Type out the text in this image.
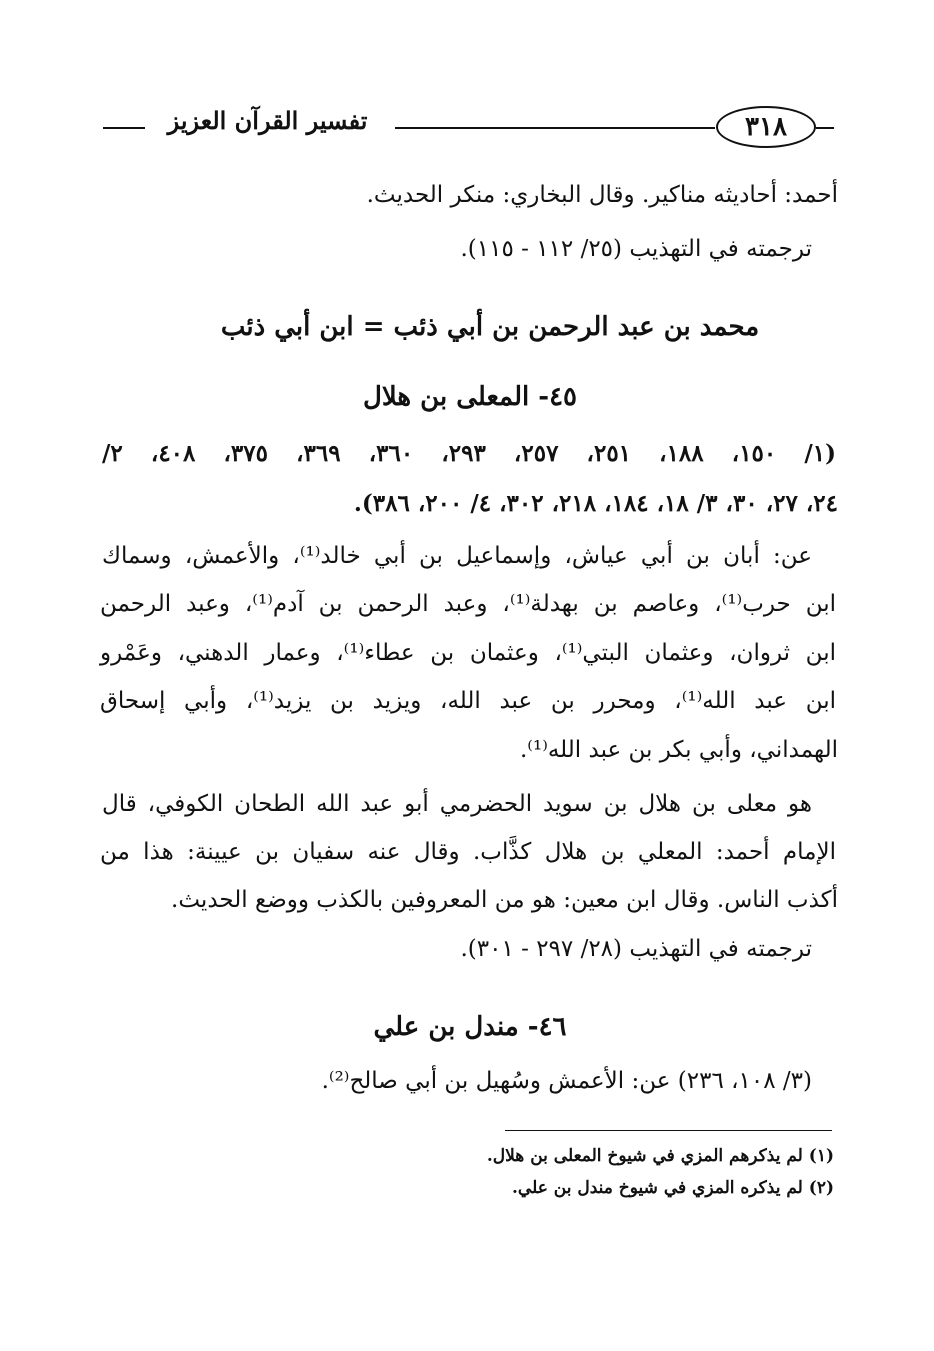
تفسير القرآن العزيز	٣١٨
أحمد: أحاديثه مناكير. وقال البخاري: منكر الحديث.
ترجمته في التهذيب (٢٥/ ١١٢ - ١١٥).
محمد بن عبد الرحمن بن أبي ذئب = ابن أبي ذئب
٤٥- المعلى بن هلال
(١/ ١٥٠، ١٨٨، ٢٥١، ٢٥٧، ٢٩٣، ٣٦٠، ٣٦٩، ٣٧٥، ٤٠٨، ٢/
٢٤، ٢٧، ٣٠، ٣/ ١٨، ١٨٤، ٢١٨، ٣٠٢، ٤/ ٢٠٠، ٣٨٦).
عن: أبان بن أبي عياش، وإسماعيل بن أبي خالد⁽¹⁾، والأعمش، وسماك
ابن حرب⁽¹⁾، وعاصم بن بهدلة⁽¹⁾، وعبد الرحمن بن آدم⁽¹⁾، وعبد الرحمن
ابن ثروان، وعثمان البتي⁽¹⁾، وعثمان بن عطاء⁽¹⁾، وعمار الدهني، وعَمْرو
ابن عبد الله⁽¹⁾، ومحرر بن عبد الله، ويزيد بن يزيد⁽¹⁾، وأبي إسحاق
الهمداني، وأبي بكر بن عبد الله⁽¹⁾.
هو معلى بن هلال بن سويد الحضرمي أبو عبد الله الطحان الكوفي، قال
الإمام أحمد: المعلي بن هلال كذَّاب. وقال عنه سفيان بن عيينة: هذا من
أكذب الناس. وقال ابن معين: هو من المعروفين بالكذب ووضع الحديث.
ترجمته في التهذيب (٢٨/ ٢٩٧ - ٣٠١).
٤٦- مندل بن علي
(٣/ ١٠٨، ٢٣٦) عن: الأعمش وسُهيل بن أبي صالح⁽²⁾.
(١) لم يذكرهم المزي في شيوخ المعلى بن هلال.
(٢) لم يذكره المزي في شيوخ مندل بن علي.
